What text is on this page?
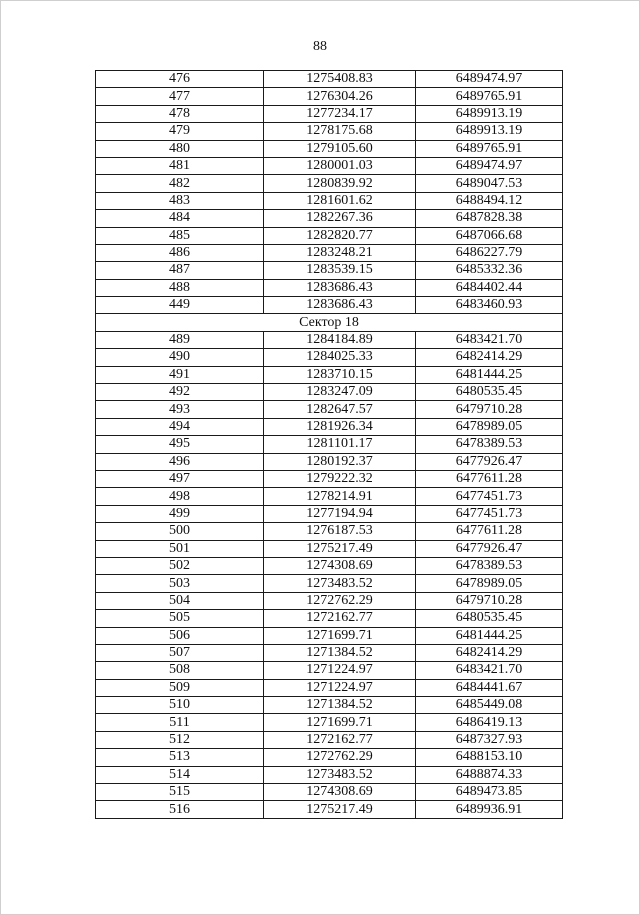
88
476	1275408.83	6489474.97
477	1276304.26	6489765.91
478	1277234.17	6489913.19
479	1278175.68	6489913.19
480	1279105.60	6489765.91
481	1280001.03	6489474.97
482	1280839.92	6489047.53
483	1281601.62	6488494.12
484	1282267.36	6487828.38
485	1282820.77	6487066.68
486	1283248.21	6486227.79
487	1283539.15	6485332.36
488	1283686.43	6484402.44
449	1283686.43	6483460.93
Сектор 18		
489	1284184.89	6483421.70
490	1284025.33	6482414.29
491	1283710.15	6481444.25
492	1283247.09	6480535.45
493	1282647.57	6479710.28
494	1281926.34	6478989.05
495	1281101.17	6478389.53
496	1280192.37	6477926.47
497	1279222.32	6477611.28
498	1278214.91	6477451.73
499	1277194.94	6477451.73
500	1276187.53	6477611.28
501	1275217.49	6477926.47
502	1274308.69	6478389.53
503	1273483.52	6478989.05
504	1272762.29	6479710.28
505	1272162.77	6480535.45
506	1271699.71	6481444.25
507	1271384.52	6482414.29
508	1271224.97	6483421.70
509	1271224.97	6484441.67
510	1271384.52	6485449.08
511	1271699.71	6486419.13
512	1272162.77	6487327.93
513	1272762.29	6488153.10
514	1273483.52	6488874.33
515	1274308.69	6489473.85
516	1275217.49	6489936.91
